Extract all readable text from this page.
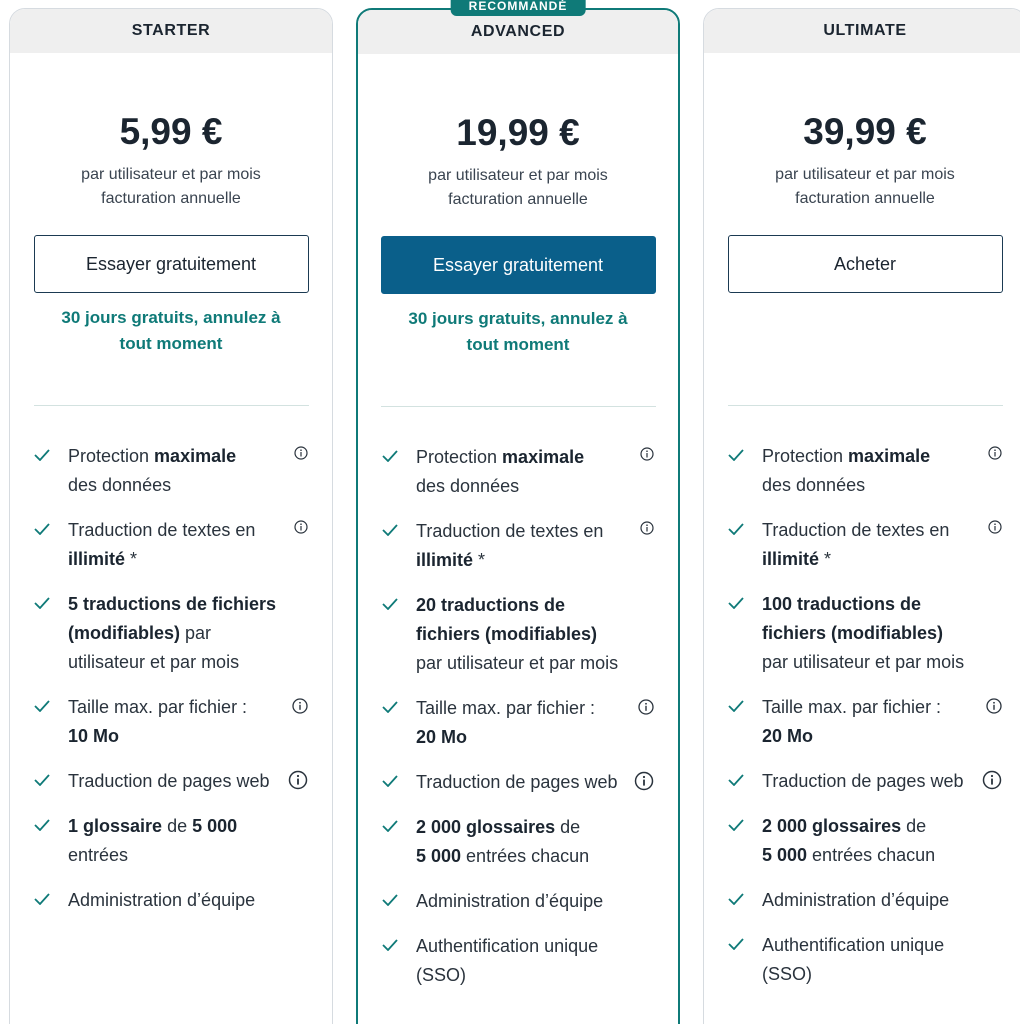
STARTER
5,99 €
par utilisateur et par mois
facturation annuelle
Essayer gratuitement
30 jours gratuits, annulez à
tout moment
Protection maximale
des données
Traduction de textes en
illimité *
5 traductions de fichiers (modifiables) par utilisateur et par mois
Taille max. par fichier :
10 Mo
Traduction de pages web
1 glossaire de 5 000
entrées
Administration d’équipe
RECOMMANDÉ
ADVANCED
19,99 €
par utilisateur et par mois
facturation annuelle
Essayer gratuitement
30 jours gratuits, annulez à
tout moment
Protection maximale
des données
Traduction de textes en
illimité *
20 traductions de fichiers (modifiables) par utilisateur et par mois
Taille max. par fichier :
20 Mo
Traduction de pages web
2 000 glossaires de
5 000 entrées chacun
Administration d’équipe
Authentification unique (SSO)
ULTIMATE
39,99 €
par utilisateur et par mois
facturation annuelle
Acheter
Protection maximale
des données
Traduction de textes en
illimité *
100 traductions de fichiers (modifiables) par utilisateur et par mois
Taille max. par fichier :
20 Mo
Traduction de pages web
2 000 glossaires de
5 000 entrées chacun
Administration d’équipe
Authentification unique (SSO)
